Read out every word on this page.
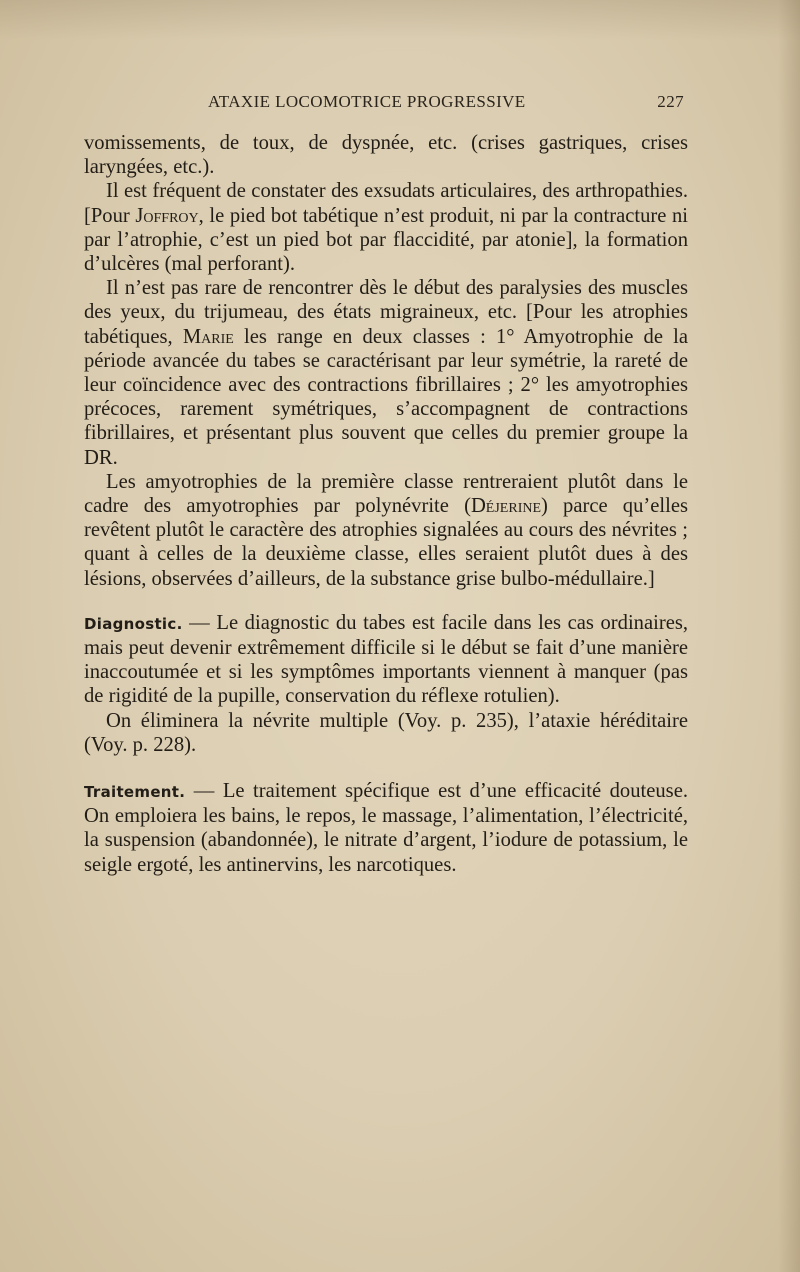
ATAXIE LOCOMOTRICE PROGRESSIVE	227

vomissements, de toux, de dyspnée, etc. (crises gastriques, crises laryngées, etc.).

Il est fréquent de constater des exsudats articulaires, des arthropathies. [Pour Joffroy, le pied bot tabétique n’est produit, ni par la contracture ni par l’atrophie, c’est un pied bot par flaccidité, par atonie], la formation d’ulcères (mal perforant).

Il n’est pas rare de rencontrer dès le début des paralysies des muscles des yeux, du trijumeau, des états migraineux, etc. [Pour les atrophies tabétiques, Marie les range en deux classes : 1° Amyotrophie de la période avancée du tabes se caractérisant par leur symétrie, la rareté de leur coïncidence avec des contractions fibrillaires ; 2° les amyotrophies précoces, rarement symétriques, s’accompagnent de contractions fibrillaires, et présentant plus souvent que celles du premier groupe la DR.

Les amyotrophies de la première classe rentreraient plutôt dans le cadre des amyotrophies par polynévrite (Déjerine) parce qu’elles revêtent plutôt le caractère des atrophies signalées au cours des névrites ; quant à celles de la deuxième classe, elles seraient plutôt dues à des lésions, observées d’ailleurs, de la substance grise bulbo-médullaire.]

Diagnostic. — Le diagnostic du tabes est facile dans les cas ordinaires, mais peut devenir extrêmement difficile si le début se fait d’une manière inaccoutumée et si les symptômes importants viennent à manquer (pas de rigidité de la pupille, conservation du réflexe rotulien).

On éliminera la névrite multiple (Voy. p. 235), l’ataxie héréditaire (Voy. p. 228).

Traitement. — Le traitement spécifique est d’une efficacité douteuse. On emploiera les bains, le repos, le massage, l’alimentation, l’électricité, la suspension (abandonnée), le nitrate d’argent, l’iodure de potassium, le seigle ergoté, les antinervins, les narcotiques.
